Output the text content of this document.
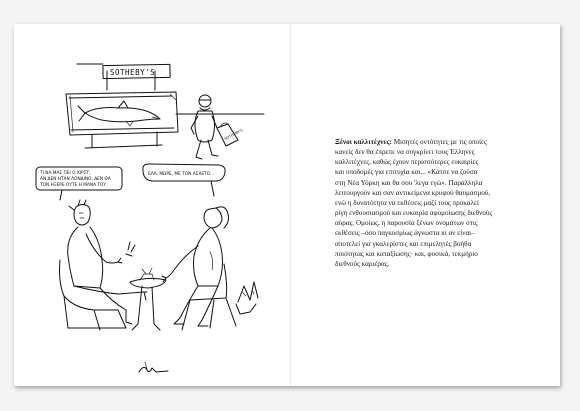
SOTHEBY'S
SOTHEBY'S
ΤΙ ΝΑ ΜΑΣ ΠΕΙ Ο ΧΙΡΣΤ;
ΑΝ ΔΕΝ ΗΤΑΝ ΛΟΝΔΙΝΟ, ΔΕΝ ΘΑ
ΤΟΝ ΗΞΕΡΕ ΟΥΤΕ Η ΜΑΝΑ ΤΟΥ.
ΕΛΑ, ΜΩΡΕ, ΜΕ ΤΟΝ ΑΣΧΕΤΟ...
Ξένοι καλλιτέχνες: Μισητές οντότητες με τις οποίες
κανείς δεν θα έπρεπε να συγκρίνει τους Έλληνες
καλλιτέχνες, καθώς έχουν περισσότερες ευκαιρίες
και υποδομές για επιτυχία και... «Κάτσε να ζούσα
στη Νέα Υόρκη και θα σου 'λεγα εγώ». Παράλληλα
λειτουργούν και σαν αντικείμενα κρυφού θαυμασμού,
ενώ η δυνατότητα να εκθέσεις μαζί τους προκαλεί
ρίγη ενθουσιασμού και ευκαιρία αφομοίωσης διεθνούς
αύρας. Ομοίως, η παρουσία ξένων ονομάτων στις
εκθέσεις –όσο παγκοσμίως άγνωστα κι αν είναι–
αποτελεί για γκαλερίστες και επιμελητές βοήθα
ποιότητας και καταξίωσης· και, φυσικά, τεκμήριο
διεθνούς καριέρας.
